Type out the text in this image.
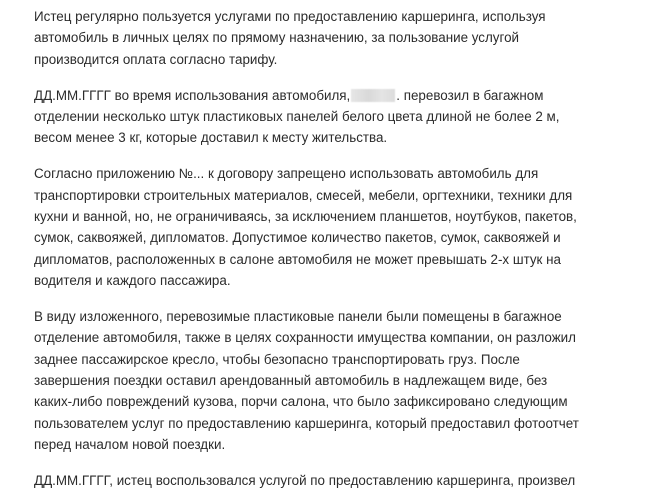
Истец регулярно пользуется услугами по предоставлению каршеринга, используя
автомобиль в личных целях по прямому назначению, за пользование услугой
производится оплата согласно тарифу.
ДД.ММ.ГГГГ во время использования автомобиля,	. перевозил в багажном
отделении несколько штук пластиковых панелей белого цвета длиной не более 2 м,
весом менее 3 кг, которые доставил к месту жительства.
Согласно приложению №... к договору запрещено использовать автомобиль для
транспортировки строительных материалов, смесей, мебели, оргтехники, техники для
кухни и ванной, но, не ограничиваясь, за исключением планшетов, ноутбуков, пакетов,
сумок, саквояжей, дипломатов. Допустимое количество пакетов, сумок, саквояжей и
дипломатов, расположенных в салоне автомобиля не может превышать 2-х штук на
водителя и каждого пассажира.
В виду изложенного, перевозимые пластиковые панели были помещены в багажное
отделение автомобиля, также в целях сохранности имущества компании, он разложил
заднее пассажирское кресло, чтобы безопасно транспортировать груз. После
завершения поездки оставил арендованный автомобиль в надлежащем виде, без
каких-либо повреждений кузова, порчи салона, что было зафиксировано следующим
пользователем услуг по предоставлению каршеринга, который предоставил фотоотчет
перед началом новой поездки.
ДД.ММ.ГГГГ, истец воспользовался услугой по предоставлению каршеринга, произвел
